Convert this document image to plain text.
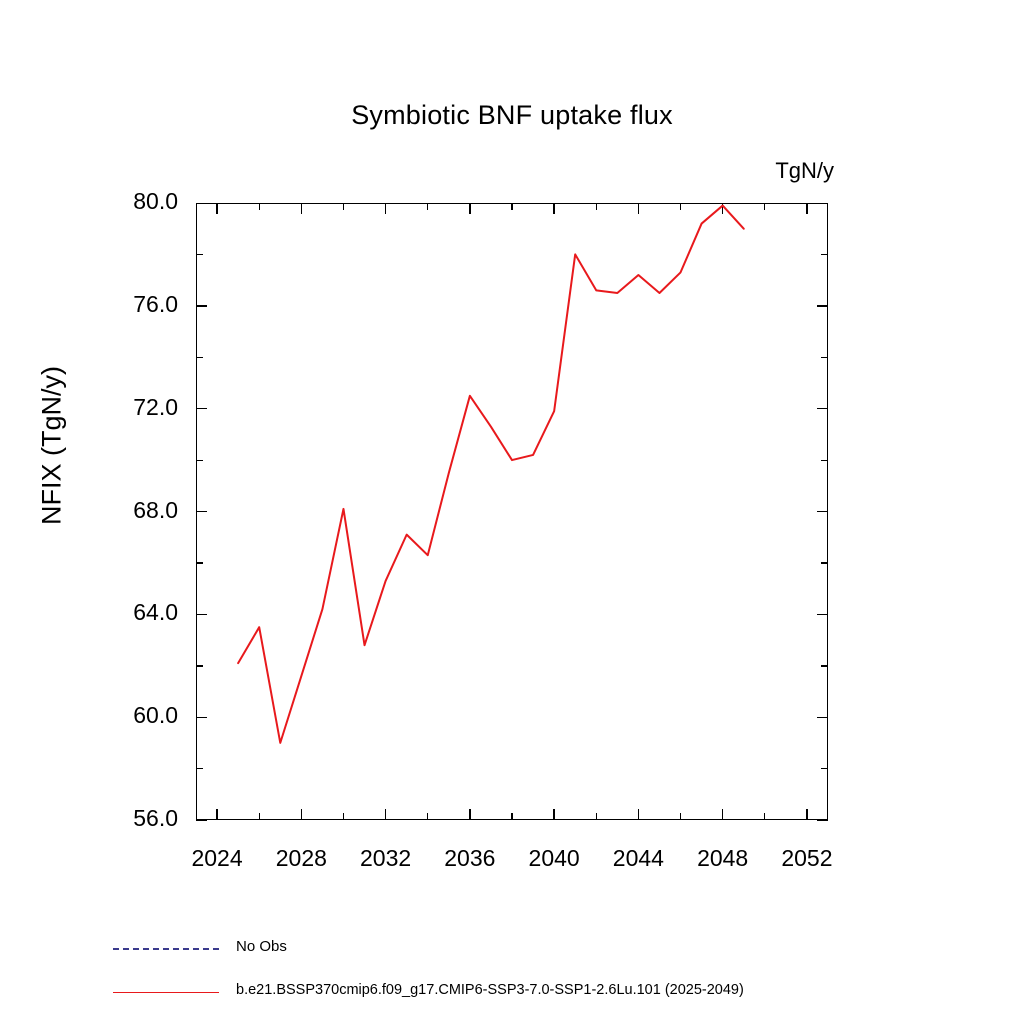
Symbiotic BNF uptake flux
TgN/y
NFIX (TgN/y)
56.0
60.0
64.0
68.0
72.0
76.0
80.0
2024	2028	2032	2036	2040	2044	2048	2052
No Obs
b.e21.BSSP370cmip6.f09_g17.CMIP6-SSP3-7.0-SSP1-2.6Lu.101 (2025-2049)
